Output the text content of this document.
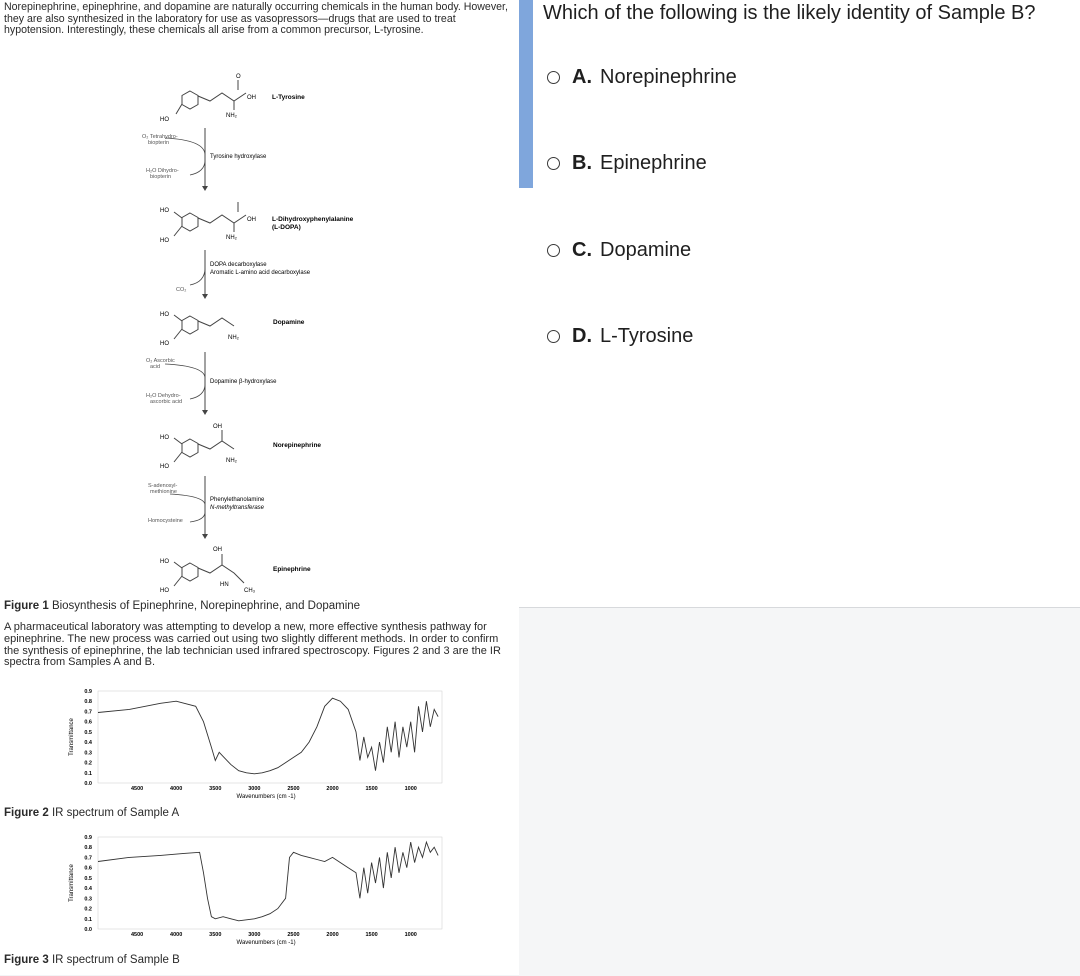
Norepinephrine, epinephrine, and dopamine are naturally occurring chemicals in the human body. However, they are also synthesized in the laboratory for use as vasopressors—drugs that are used to treat hypotension. Interestingly, these chemicals all arise from a common precursor, L-tyrosine.

O
OH
NH₂
HO
L-Tyrosine
O₂ Tetrahydro-
biopterin
H₂O Dihydro-
biopterin
Tyrosine hydroxylase
HO
HO
OH
NH₂
L-Dihydroxyphenylalanine
(L-DOPA)
CO₂
DOPA decarboxylase
Aromatic L-amino acid decarboxylase
HO
HO
NH₂
Dopamine
O₂ Ascorbic
acid
H₂O Dehydro-
ascorbic acid
Dopamine β-hydroxylase
OH
HO
HO
NH₂
Norepinephrine
S-adenosyl-
methionine
Homocysteine
Phenylethanolamine
N-methyltransferase
OH
HO
HO
HN
CH₃
Epinephrine
Figure 1 Biosynthesis of Epinephrine, Norepinephrine, and Dopamine

A pharmaceutical laboratory was attempting to develop a new, more effective synthesis pathway for epinephrine. The new process was carried out using two slightly different methods. In order to confirm the synthesis of epinephrine, the lab technician used infrared spectroscopy. Figures 2 and 3 are the IR spectra from Samples A and B.

Transmittance
0.9
0.8
0.7
0.6
0.5
0.4
0.3
0.2
0.1
0.0
4500	4000	3500	3000	2500	2000	1500	1000
Wavenumbers (cm -1)
Figure 2 IR spectrum of Sample A
Transmittance
0.9
0.8
0.7
0.6
0.5
0.4
0.3
0.2
0.1
0.0
4500	4000	3500	3000	2500	2000	1500	1000
Wavenumbers (cm -1)
Figure 3 IR spectrum of Sample B
Which of the following is the likely identity of Sample B?
A. Norepinephrine
B. Epinephrine
C. Dopamine
D. L-Tyrosine
